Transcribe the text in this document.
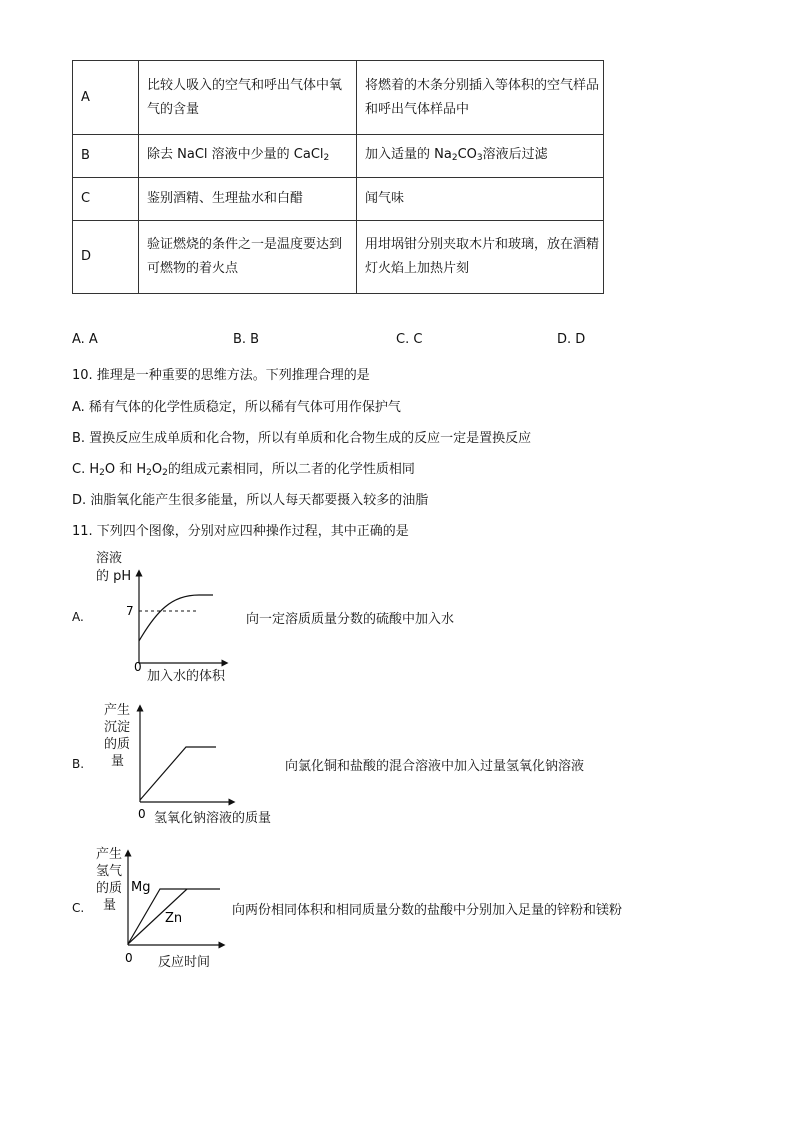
A	比较人吸入的空气和呼出气体中氧气的含量	将燃着的木条分别插入等体积的空气样品和呼出气体样品中
B	除去 NaCl 溶液中少量的 CaCl$_2$	加入适量的 $Na_2CO_3$溶液后过滤
C	鉴别酒精、生理盐水和白醋	闻气味
D	验证燃烧的条件之一是温度要达到可燃物的着火点	用坩埚钳分别夹取木片和玻璃，放在酒精灯火焰上加热片刻
A. A	B. B	C. C	D. D
10. 推理是一种重要的思维方法。下列推理合理的是
A. 稀有气体的化学性质稳定，所以稀有气体可用作保护气
B. 置换反应生成单质和化合物，所以有单质和化合物生成的反应一定是置换反应
C. $H_2O$ 和 $H_2O_2$的组成元素相同，所以二者的化学性质相同
D. 油脂氧化能产生很多能量，所以人每天都要摄入较多的油脂
11. 下列四个图像，分别对应四种操作过程，其中正确的是
A.
溶液
的 pH
7
0
加入水的体积
向一定溶质质量分数的硫酸中加入水
B.
产生
沉淀
的质
量
0 氢氧化钠溶液的质量
向氯化铜和盐酸的混合溶液中加入过量氢氧化钠溶液
C.
产生
氢气
的质
量
Mg
Zn
0 反应时间
向两份相同体积和相同质量分数的盐酸中分别加入足量的锌粉和镁粉
